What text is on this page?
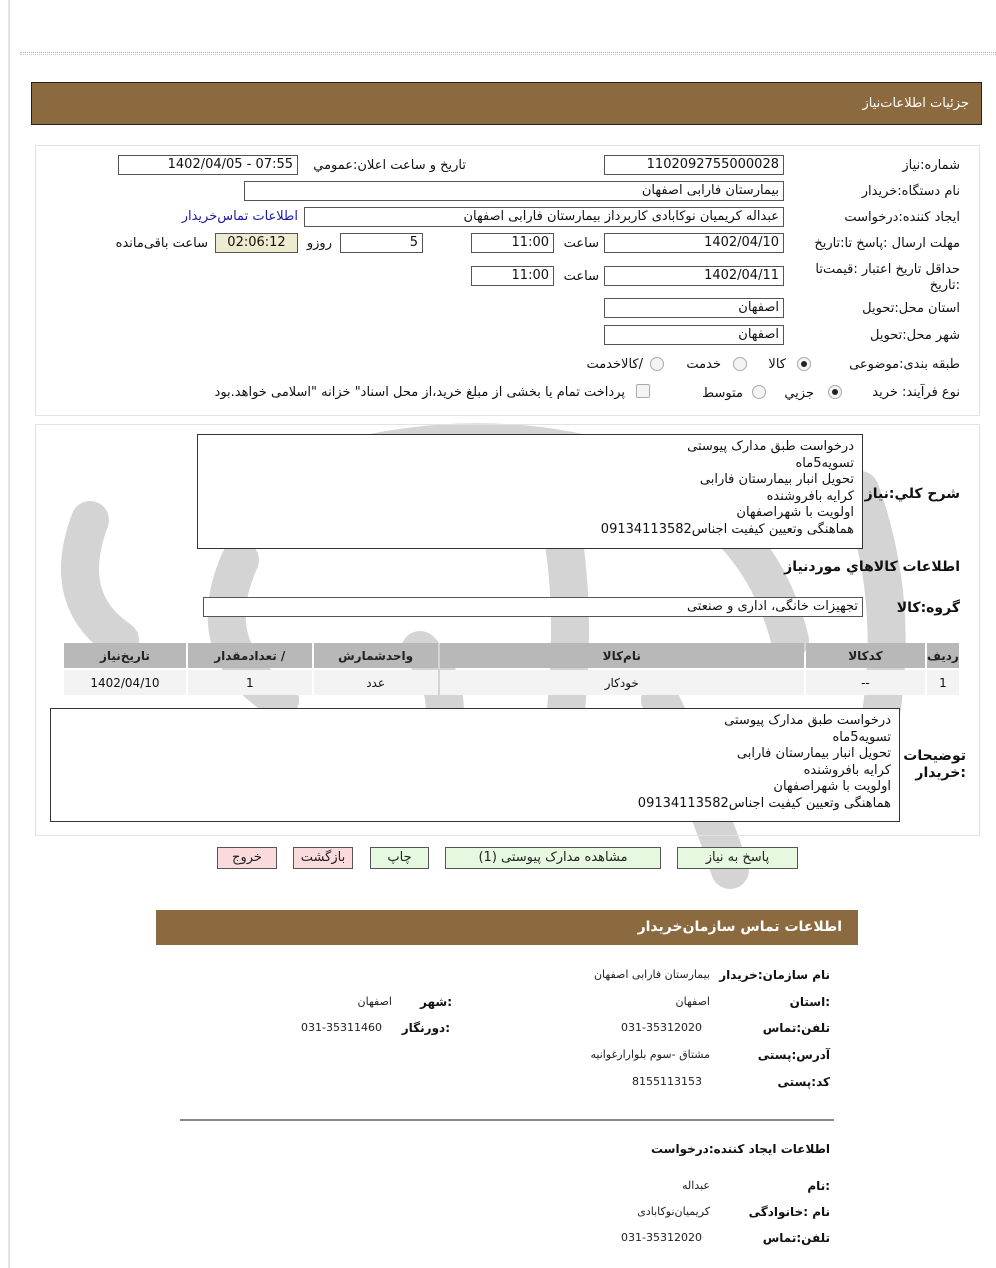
جزئیات اطلاعات‌نیاز
شماره:نیاز
1102092755000028
تاریخ و ساعت اعلان:عمومي
1402/04/05 - 07:55
نام دستگاه:خریدار
بیمارستان فارابی اصفهان
ایجاد کننده:درخواست
عبداله کریمیان نوکابادی کاربرداز بیمارستان فارابی اصفهان
اطلاعات تماس‌خریدار
مهلت ارسال :پاسخ تا:تاریخ
1402/04/10
ساعت
11:00
5
روزو
02:06:12
ساعت باقی‌مانده
حداقل تاریخ اعتبار :قیمت‌تا :تاریخ
1402/04/11
ساعت
11:00
استان محل:تحویل
اصفهان
شهر محل:تحویل
اصفهان
طبقه بندی:موضوعی
کالا
خدمت
/کالاخدمت
نوع فرآیند: خرید
جزیي
متوسط
پرداخت تمام یا بخشی از مبلغ خرید،از محل اسناد" خزانه "اسلامی خواهد.بود
شرح کلي:نیاز
درخواست طبق مدارک پیوستی
تسویه5ماه
تحویل انبار بیمارستان فارابی
کرایه بافروشنده
اولویت با شهراصفهان
هماهنگی وتعیین کیفیت اجناس09134113582
اطلاعات کالاهاي موردنیاز
گروه:کالا
تجهیزات خانگی، اداری و صنعتی
ردیف	کدکالا	نام‌کالا	واحدشمارش	/ تعدادمقدار	تاریخ‌نیاز
1	--	خودکار	عدد	1	1402/04/10
توضیحات :خریدار
درخواست طبق مدارک پیوستی
تسویه5ماه
تحویل انبار بیمارستان فارابی
کرایه بافروشنده
اولویت با شهراصفهان
هماهنگی وتعیین کیفیت اجناس09134113582
پاسخ به نیاز
مشاهده مدارک پیوستی (1)
چاپ
بازگشت
خروج
اطلاعات تماس سازمان‌خریدار
نام سازمان:خریدار
بیمارستان فارابی اصفهان
:استان
اصفهان
:شهر
اصفهان
تلفن:تماس
031-35312020
:دورنگار
031-35311460
آدرس:پستی
مشتاق -سوم بلوارارغوانیه
کد:پستی
8155113153
اطلاعات ایجاد کننده:درخواست
:نام
عبداله
نام :خانوادگی
کریمیان‌نوکابادی
تلفن:تماس
031-35312020
